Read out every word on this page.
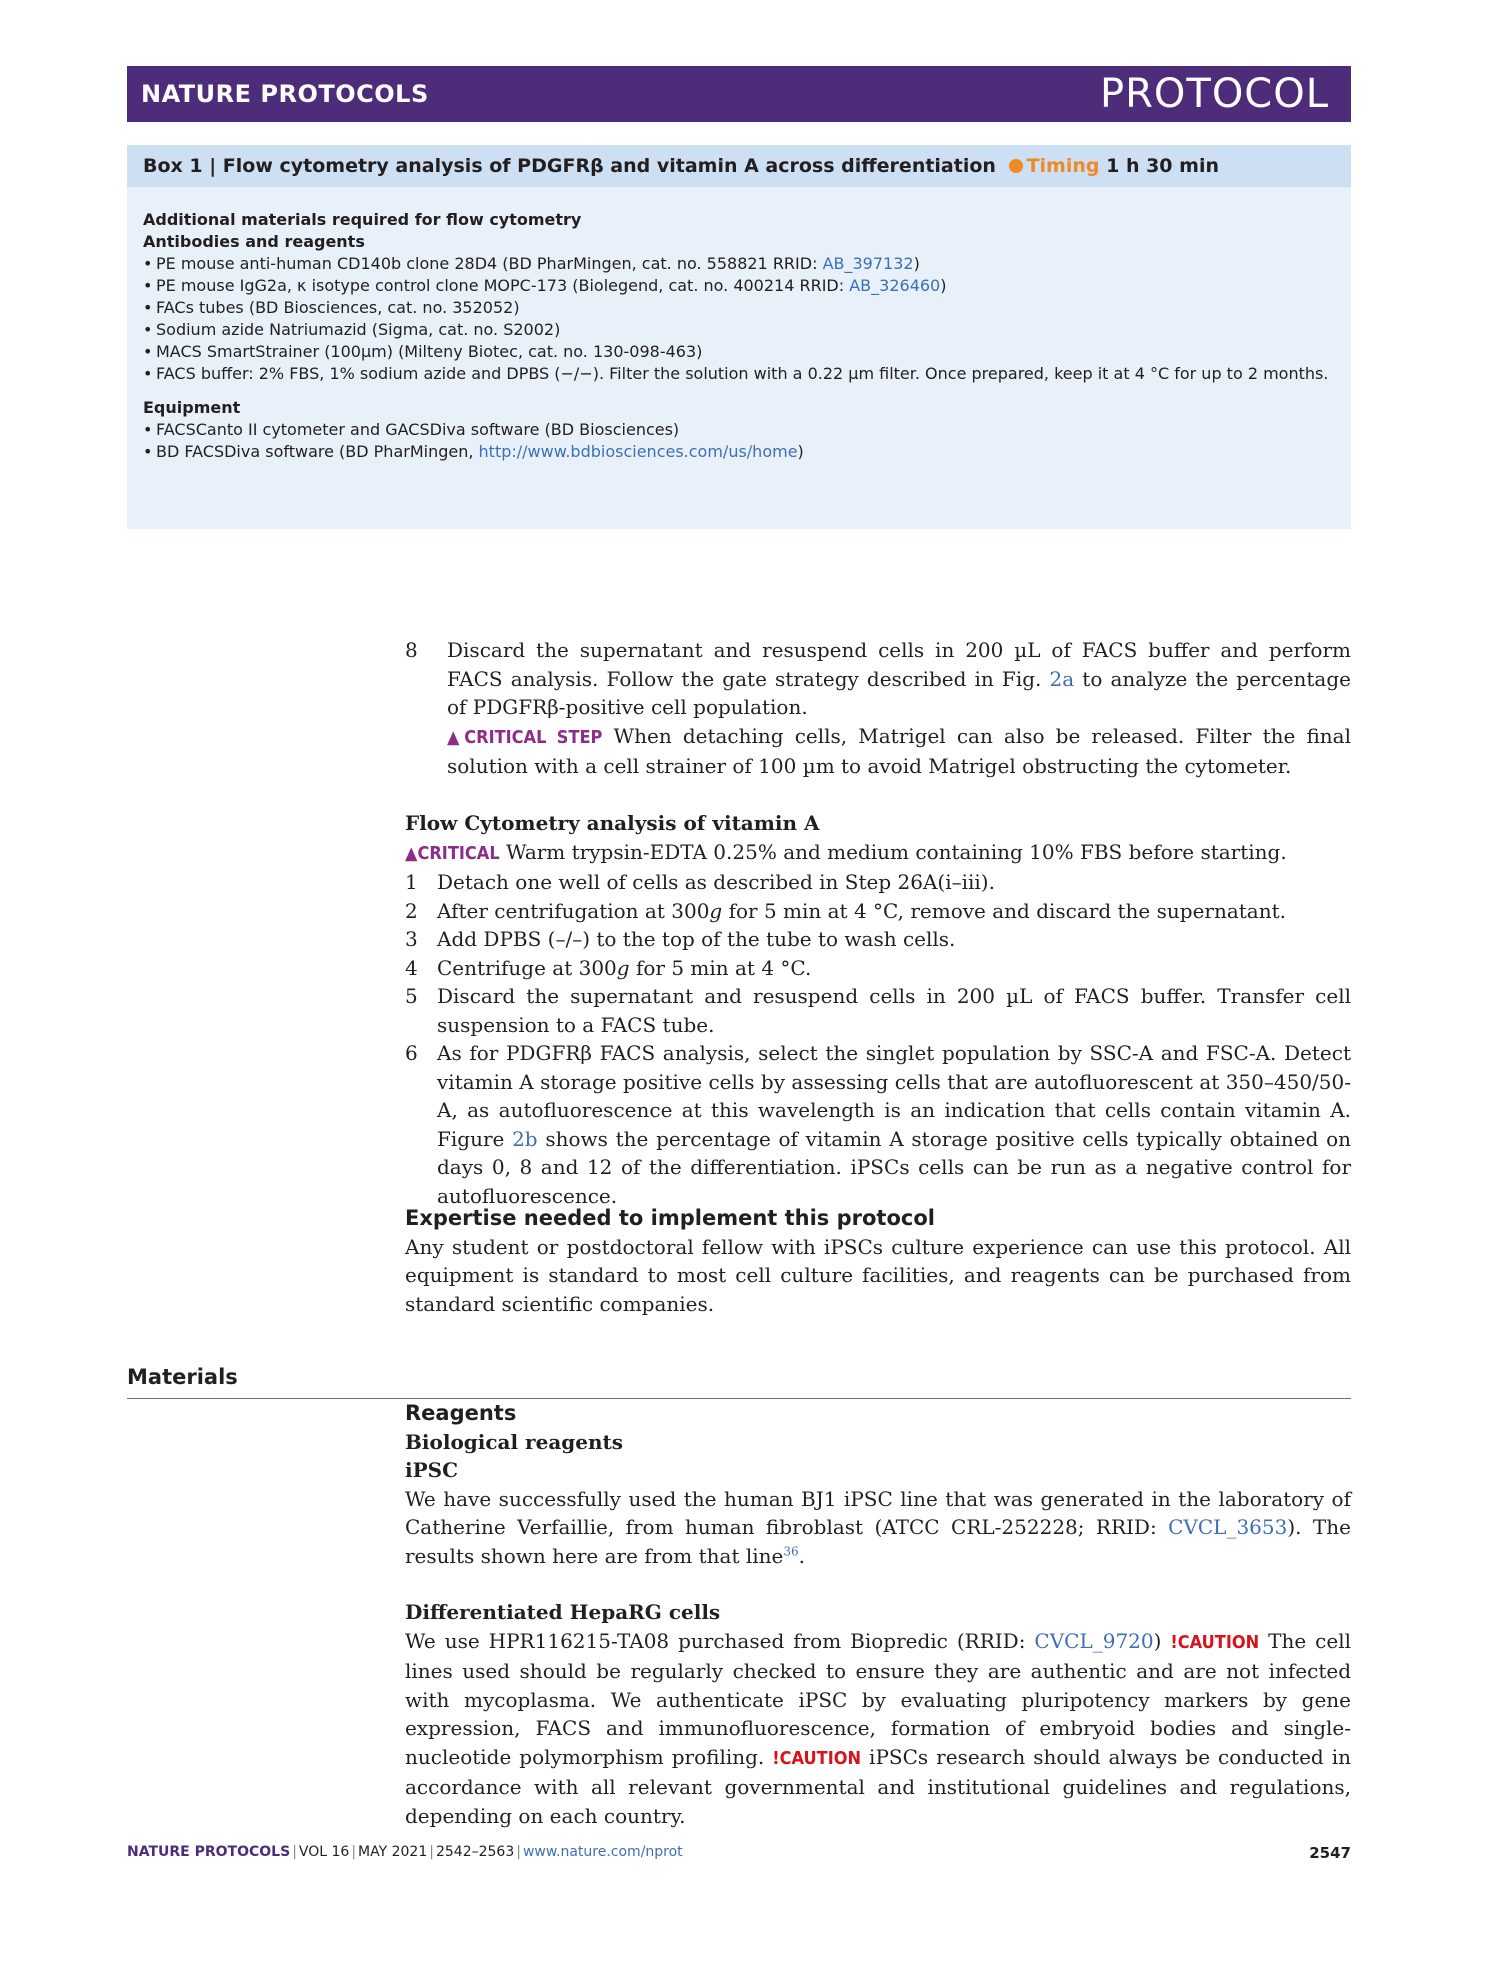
NATURE PROTOCOLS	PROTOCOL
Box 1 | Flow cytometry analysis of PDGFRβ and vitamin A across differentiation Timing 1 h 30 min
Additional materials required for flow cytometry
Antibodies and reagents
• PE mouse anti-human CD140b clone 28D4 (BD PharMingen, cat. no. 558821 RRID: AB_397132)
• PE mouse IgG2a, κ isotype control clone MOPC-173 (Biolegend, cat. no. 400214 RRID: AB_326460)
• FACs tubes (BD Biosciences, cat. no. 352052)
• Sodium azide Natriumazid (Sigma, cat. no. S2002)
• MACS SmartStrainer (100μm) (Milteny Biotec, cat. no. 130-098-463)
• FACS buffer: 2% FBS, 1% sodium azide and DPBS (−/−). Filter the solution with a 0.22 μm filter. Once prepared, keep it at 4 °C for up to 2 months.
Equipment
• FACSCanto II cytometer and GACSDiva software (BD Biosciences)
• BD FACSDiva software (BD PharMingen, http://www.bdbiosciences.com/us/home)
8 Discard the supernatant and resuspend cells in 200 µL of FACS buffer and perform FACS analysis. Follow the gate strategy described in Fig. 2a to analyze the percentage of PDGFRβ-positive cell population.
▲CRITICAL STEP When detaching cells, Matrigel can also be released. Filter the final solution with a cell strainer of 100 µm to avoid Matrigel obstructing the cytometer.
Flow Cytometry analysis of vitamin A
▲CRITICAL Warm trypsin-EDTA 0.25% and medium containing 10% FBS before starting.
1 Detach one well of cells as described in Step 26A(i–iii).
2 After centrifugation at 300g for 5 min at 4 °C, remove and discard the supernatant.
3 Add DPBS (–/–) to the top of the tube to wash cells.
4 Centrifuge at 300g for 5 min at 4 °C.
5 Discard the supernatant and resuspend cells in 200 µL of FACS buffer. Transfer cell suspension to a FACS tube.
6 As for PDGFRβ FACS analysis, select the singlet population by SSC-A and FSC-A. Detect vitamin A storage positive cells by assessing cells that are autofluorescent at 350–450/50-A, as autofluorescence at this wavelength is an indication that cells contain vitamin A. Figure 2b shows the percentage of vitamin A storage positive cells typically obtained on days 0, 8 and 12 of the differentiation. iPSCs cells can be run as a negative control for autofluorescence.
Expertise needed to implement this protocol
Any student or postdoctoral fellow with iPSCs culture experience can use this protocol. All equipment is standard to most cell culture facilities, and reagents can be purchased from standard scientific companies.
Materials
Reagents
Biological reagents
iPSC
We have successfully used the human BJ1 iPSC line that was generated in the laboratory of Catherine Verfaillie, from human fibroblast (ATCC CRL-252228; RRID: CVCL_3653). The results shown here are from that line$^{36}$.
Differentiated HepaRG cells
We use HPR116215-TA08 purchased from Biopredic (RRID: CVCL_9720) !CAUTION The cell lines used should be regularly checked to ensure they are authentic and are not infected with mycoplasma. We authenticate iPSC by evaluating pluripotency markers by gene expression, FACS and immunofluorescence, formation of embryoid bodies and single-nucleotide polymorphism profiling. !CAUTION iPSCs research should always be conducted in accordance with all relevant governmental and institutional guidelines and regulations, depending on each country.
NATURE PROTOCOLS | VOL 16 | MAY 2021 | 2542–2563 | www.nature.com/nprot	2547
